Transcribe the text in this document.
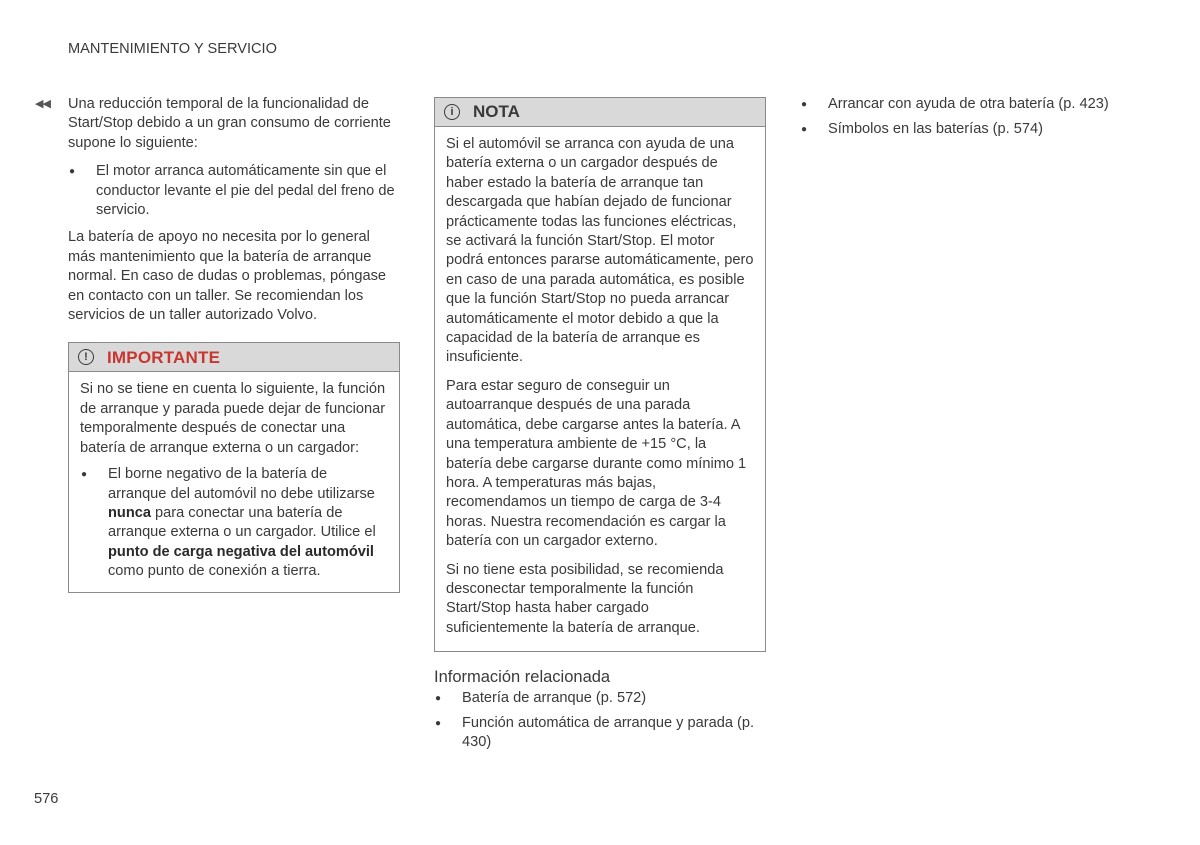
MANTENIMIENTO Y SERVICIO
◀◀ Una reducción temporal de la funcionalidad de Start/Stop debido a un gran consumo de corriente supone lo siguiente:

● El motor arranca automáticamente sin que el conductor levante el pie del pedal del freno de servicio.

La batería de apoyo no necesita por lo general más mantenimiento que la batería de arranque normal. En caso de dudas o problemas, póngase en contacto con un taller. Se recomiendan los servicios de un taller autorizado Volvo.

!	IMPORTANTE

Si no se tiene en cuenta lo siguiente, la función de arranque y parada puede dejar de funcionar temporalmente después de conectar una batería de arranque externa o un cargador:

● El borne negativo de la batería de arranque del automóvil no debe utilizarse nunca para conectar una batería de arranque externa o un cargador. Utilice el punto de carga negativa del automóvil como punto de conexión a tierra.
i	NOTA

Si el automóvil se arranca con ayuda de una batería externa o un cargador después de haber estado la batería de arranque tan descargada que habían dejado de funcionar prácticamente todas las funciones eléctricas, se activará la función Start/Stop. El motor podrá entonces pararse automáticamente, pero en caso de una parada automática, es posible que la función Start/Stop no pueda arrancar automáticamente el motor debido a que la capacidad de la batería de arranque es insuficiente.

Para estar seguro de conseguir un autoarranque después de una parada automática, debe cargarse antes la batería. A una temperatura ambiente de +15 °C, la batería debe cargarse durante como mínimo 1 hora. A temperaturas más bajas, recomendamos un tiempo de carga de 3-4 horas. Nuestra recomendación es cargar la batería con un cargador externo.

Si no tiene esta posibilidad, se recomienda desconectar temporalmente la función Start/Stop hasta haber cargado suficientemente la batería de arranque.

Información relacionada
● Batería de arranque (p. 572)
● Función automática de arranque y parada (p. 430)
● Arrancar con ayuda de otra batería (p. 423)
● Símbolos en las baterías (p. 574)
576
